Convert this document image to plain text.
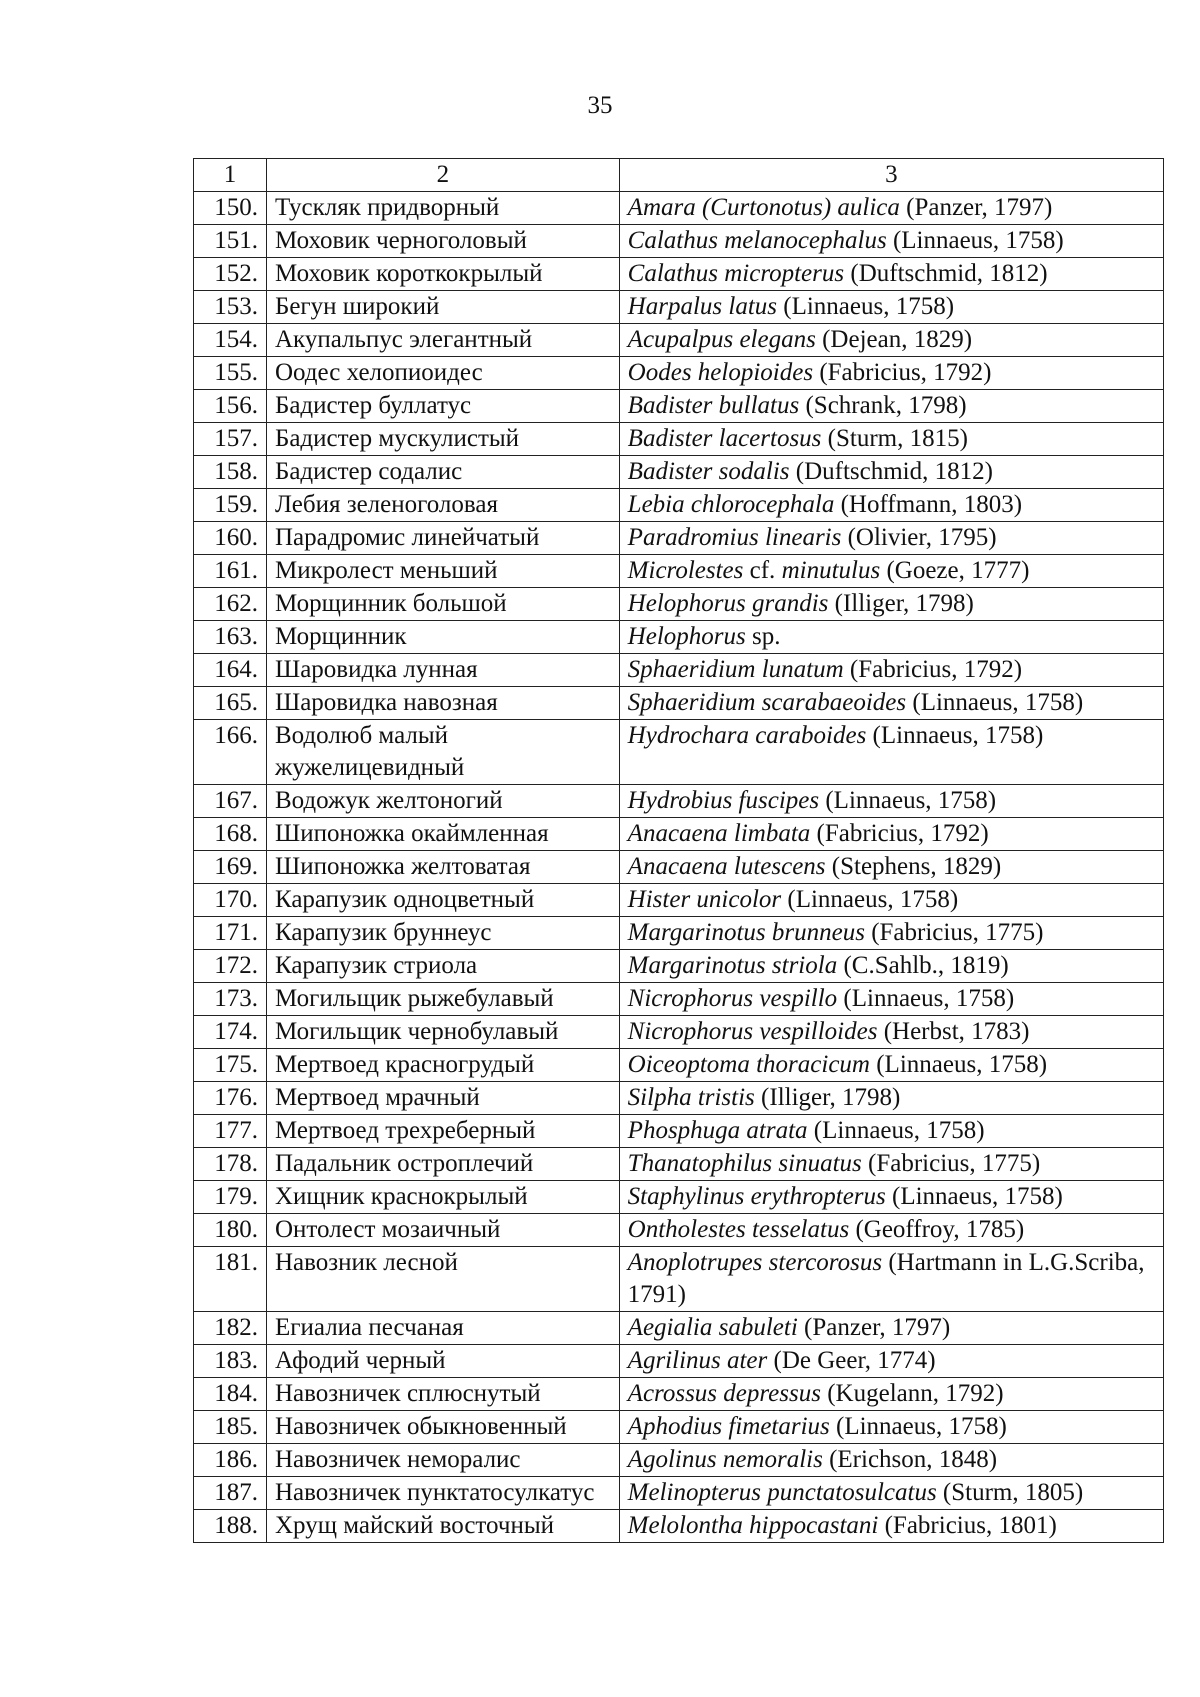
35
1	2	3
150.	Тускляк придворный	Amara (Curtonotus) aulica (Panzer, 1797)
151.	Моховик черноголовый	Calathus melanocephalus (Linnaeus, 1758)
152.	Моховик короткокрылый	Calathus micropterus (Duftschmid, 1812)
153.	Бегун широкий	Harpalus latus (Linnaeus, 1758)
154.	Акупальпус элегантный	Acupalpus elegans (Dejean, 1829)
155.	Оодес хелопиоидес	Oodes helopioides (Fabricius, 1792)
156.	Бадистер буллатус	Badister bullatus (Schrank, 1798)
157.	Бадистер мускулистый	Badister lacertosus (Sturm, 1815)
158.	Бадистер содалис	Badister sodalis (Duftschmid, 1812)
159.	Лебия зеленоголовая	Lebia chlorocephala (Hoffmann, 1803)
160.	Парадромис линейчатый	Paradromius linearis (Olivier, 1795)
161.	Микролест меньший	Microlestes cf. minutulus (Goeze, 1777)
162.	Морщинник большой	Helophorus grandis (Illiger, 1798)
163.	Морщинник	Helophorus sp.
164.	Шаровидка лунная	Sphaeridium lunatum (Fabricius, 1792)
165.	Шаровидка навозная	Sphaeridium scarabaeoides (Linnaeus, 1758)
166.	Водолюб малый жужелицевидный	Hydrochara caraboides (Linnaeus, 1758)
167.	Водожук желтоногий	Hydrobius fuscipes (Linnaeus, 1758)
168.	Шипоножка окаймленная	Anacaena limbata (Fabricius, 1792)
169.	Шипоножка желтоватая	Anacaena lutescens (Stephens, 1829)
170.	Карапузик одноцветный	Hister unicolor (Linnaeus, 1758)
171.	Карапузик бруннеус	Margarinotus brunneus (Fabricius, 1775)
172.	Карапузик стриола	Margarinotus striola (C.Sahlb., 1819)
173.	Могильщик рыжебулавый	Nicrophorus vespillo (Linnaeus, 1758)
174.	Могильщик чернобулавый	Nicrophorus vespilloides (Herbst, 1783)
175.	Мертвоед красногрудый	Oiceoptoma thoracicum (Linnaeus, 1758)
176.	Мертвоед мрачный	Silpha tristis (Illiger, 1798)
177.	Мертвоед трехреберный	Phosphuga atrata (Linnaeus, 1758)
178.	Падальник остроплечий	Thanatophilus sinuatus (Fabricius, 1775)
179.	Хищник краснокрылый	Staphylinus erythropterus (Linnaeus, 1758)
180.	Онтолест мозаичный	Ontholestes tesselatus (Geoffroy, 1785)
181.	Навозник лесной	Anoplotrupes stercorosus (Hartmann in L.G.Scriba, 1791)
182.	Егиалиа песчаная	Aegialia sabuleti (Panzer, 1797)
183.	Афодий черный	Agrilinus ater (De Geer, 1774)
184.	Навозничек сплюснутый	Acrossus depressus (Kugelann, 1792)
185.	Навозничек обыкновенный	Aphodius fimetarius (Linnaeus, 1758)
186.	Навозничек неморалис	Agolinus nemoralis (Erichson, 1848)
187.	Навозничек пунктатосулкатус	Melinopterus punctatosulcatus (Sturm, 1805)
188.	Хрущ майский восточный	Melolontha hippocastani (Fabricius, 1801)
